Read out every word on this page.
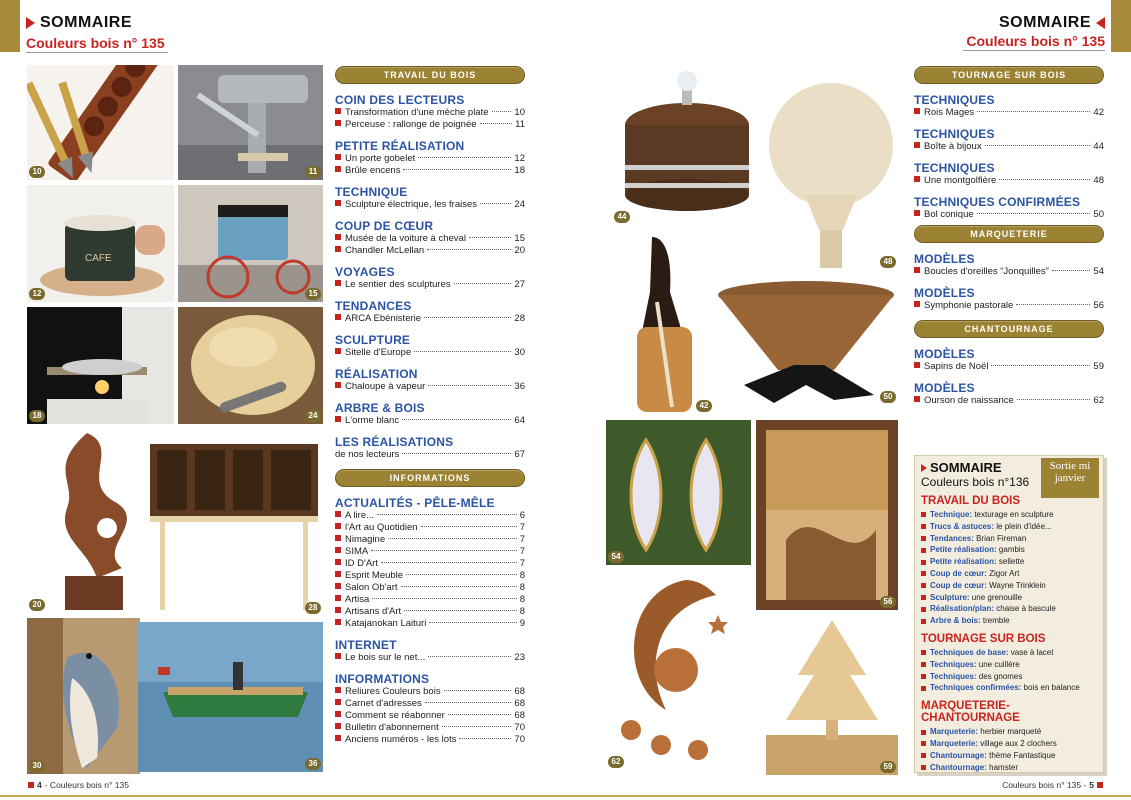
SOMMAIRE
Couleurs bois n° 135
SOMMAIRE
Couleurs bois n° 135
10	11
CAFE
12	15
18	24
20	28
30	36
TRAVAIL DU BOIS
COIN DES LECTEURS
Transformation d'une mèche plate	10
Perceuse : rallonge de poignée	11
PETITE RÉALISATION
Un porte gobelet	12
Brûle encens	18
TECHNIQUE
Sculpture électrique, les fraises	24
COUP DE CŒUR
Musée de la voiture à cheval	15
Chandler McLellan	20
VOYAGES
Le sentier des sculptures	27
TENDANCES
ARCA Ebénisterie	28
SCULPTURE
Sitelle d'Europe	30
RÉALISATION
Chaloupe à vapeur	36
ARBRE & BOIS
L'orme blanc	64
LES RÉALISATIONS
de nos lecteurs	67
INFORMATIONS
ACTUALITÉS - PÊLE-MÊLE
A lire...	6
l'Art au Quotidien	7
Nimagine	7
SIMA	7
ID D'Art	7
Esprit Meuble	8
Salon Ob'art	8
Artisa	8
Artisans d'Art	8
Katajanokan Laituri	9
INTERNET
Le bois sur le net...	23
INFORMATIONS
Reliures Couleurs bois	68
Carnet d'adresses	68
Comment se réabonner	68
Bulletin d'abonnement	70
Anciens numéros - les lots	70
44
48
42
50
54
56
62
59
TOURNAGE SUR BOIS
TECHNIQUES
Rois Mages	42
TECHNIQUES
Boîte à bijoux	44
TECHNIQUES
Une montgolfière	48
TECHNIQUES CONFIRMÉES
Bol conique	50
MARQUETERIE
MODÈLES
Boucles d'oreilles “Jonquilles”	54
MODÈLES
Symphonie pastorale	56
CHANTOURNAGE
MODÈLES
Sapins de Noël	59
MODÈLES
Ourson de naissance	62
SOMMAIRE
Couleurs bois n°136
Sortie mi janvier
TRAVAIL DU BOIS
Technique : texturage en sculpture
Trucs & astuces : le plein d'idée...
Tendances : Brian Fireman
Petite réalisation : gambis
Petite réalisation : sellette
Coup de cœur : Zigor Art
Coup de cœur : Wayne Trinklein
Sculpture : une grenouille
Réalisation/plan : chaise à bascule
Arbre & bois : tremble
TOURNAGE SUR BOIS
Techniques de base : vase à lacet
Techniques : une cuillère
Techniques : des gnomes
Techniques confirmées : bois en balance
MARQUETERIE-CHANTOURNAGE
Marqueterie : herbier marqueté
Marqueterie : village aux 2 clochers
Chantournage : thème Fantastique
Chantournage : hamster
4 - Couleurs bois n° 135	Couleurs bois n° 135 - 5
